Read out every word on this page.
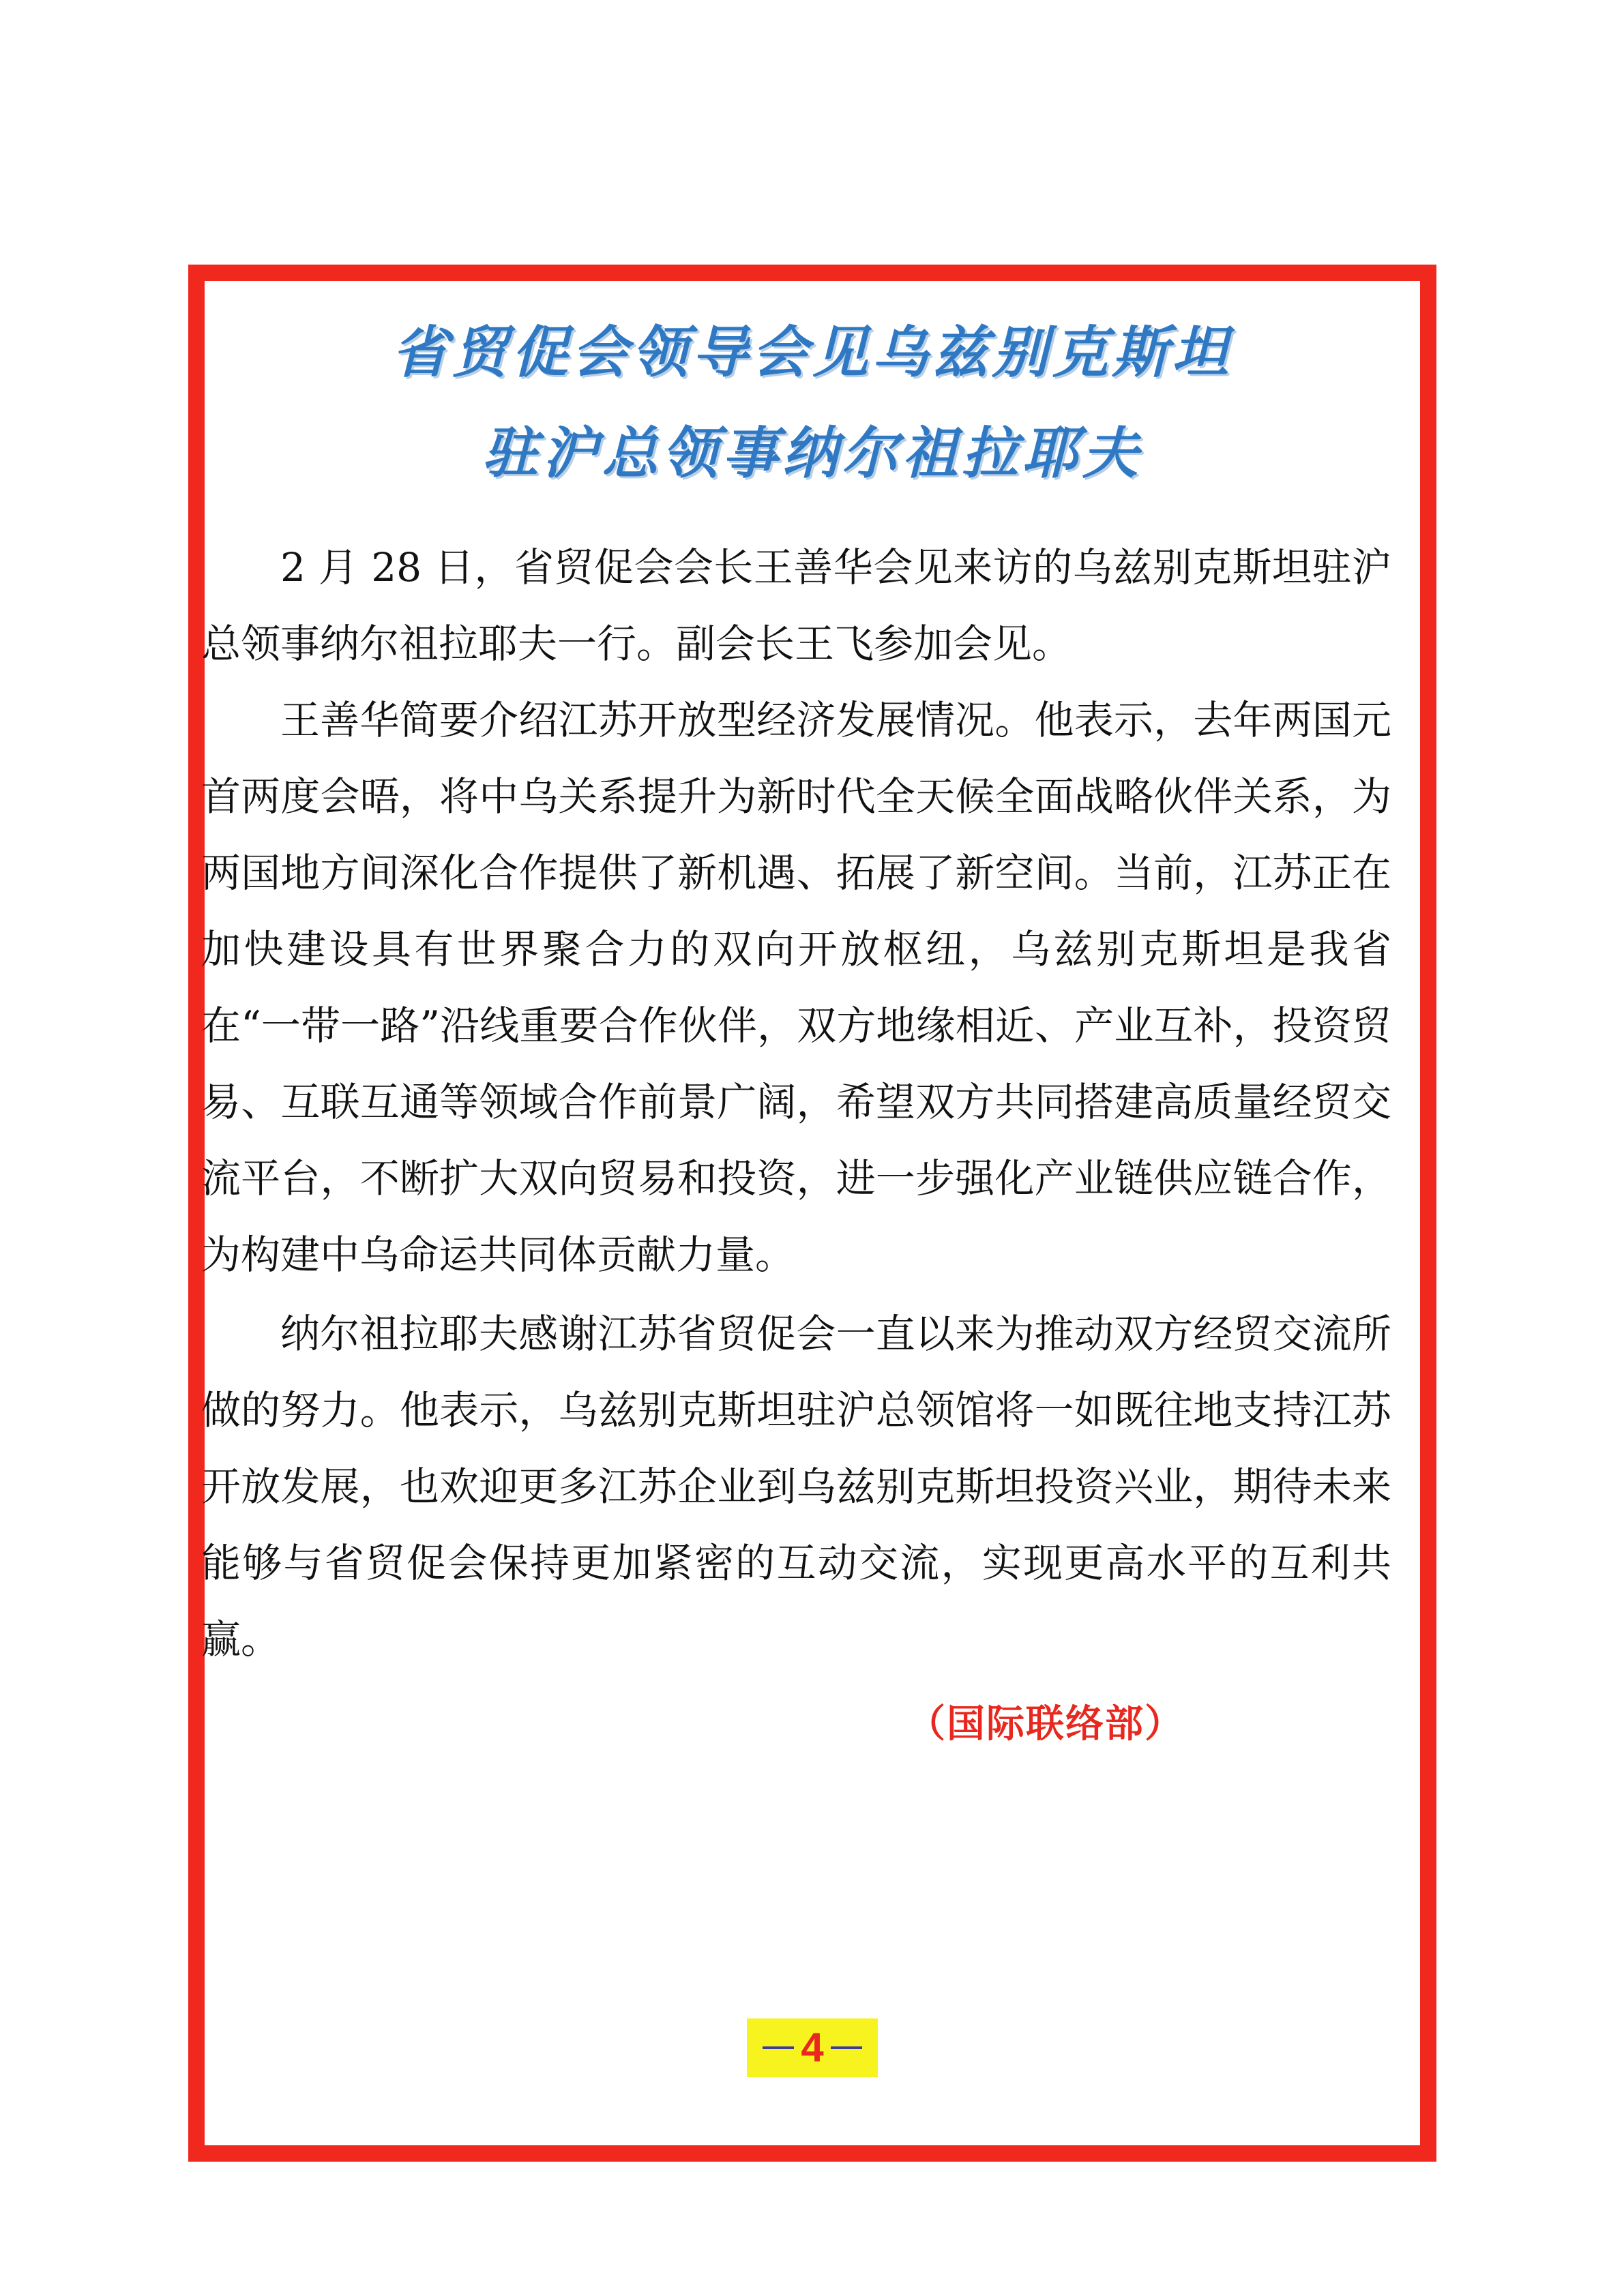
省贸促会领导会见乌兹别克斯坦
驻沪总领事纳尔祖拉耶夫
2 月 28 日，省贸促会会长王善华会见来访的乌兹别克斯坦驻沪总领事纳尔祖拉耶夫一行。副会长王飞参加会见。
王善华简要介绍江苏开放型经济发展情况。他表示，去年两国元首两度会晤，将中乌关系提升为新时代全天候全面战略伙伴关系，为两国地方间深化合作提供了新机遇、拓展了新空间。当前，江苏正在加快建设具有世界聚合力的双向开放枢纽，乌兹别克斯坦是我省在“一带一路”沿线重要合作伙伴，双方地缘相近、产业互补，投资贸易、互联互通等领域合作前景广阔，希望双方共同搭建高质量经贸交流平台，不断扩大双向贸易和投资，进一步强化产业链供应链合作，为构建中乌命运共同体贡献力量。
纳尔祖拉耶夫感谢江苏省贸促会一直以来为推动双方经贸交流所做的努力。他表示，乌兹别克斯坦驻沪总领馆将一如既往地支持江苏开放发展，也欢迎更多江苏企业到乌兹别克斯坦投资兴业，期待未来能够与省贸促会保持更加紧密的互动交流，实现更高水平的互利共赢。
（国际联络部）
4
